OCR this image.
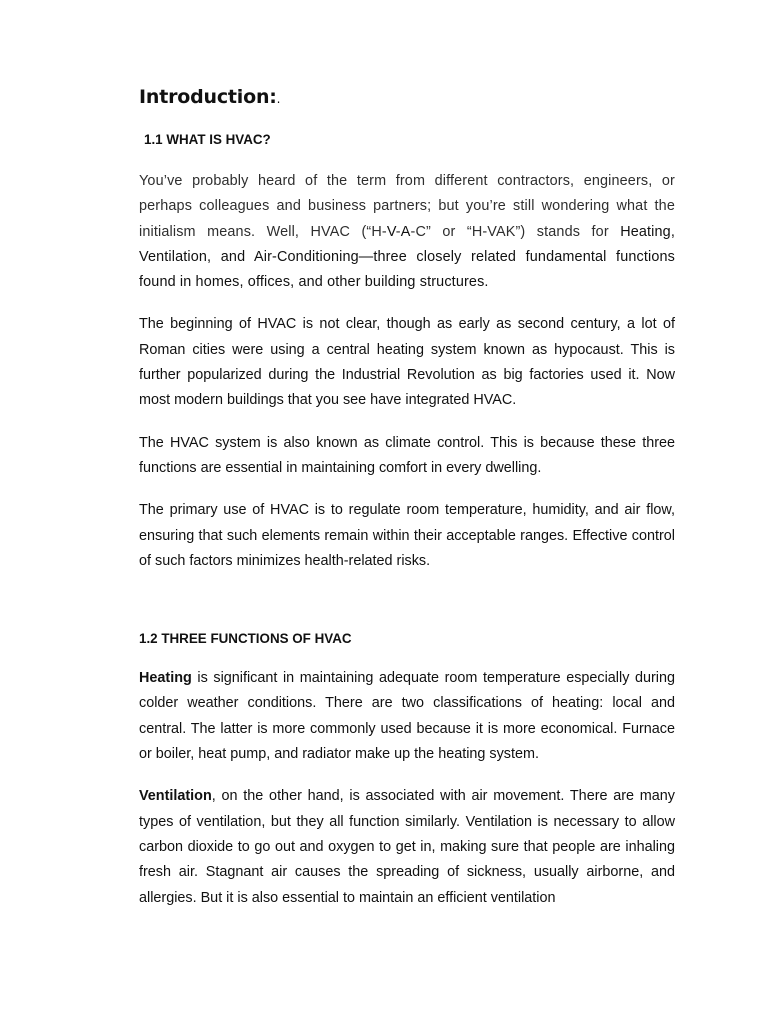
Introduction:.
1.1 WHAT IS HVAC?

You’ve probably heard of the term from different contractors, engineers, or perhaps colleagues and business partners; but you’re still wondering what the initialism means. Well, HVAC (“H-V-A-C” or “H-VAK”) stands for Heating, Ventilation, and Air-Conditioning—three closely related fundamental functions found in homes, offices, and other building structures.

The beginning of HVAC is not clear, though as early as second century, a lot of Roman cities were using a central heating system known as hypocaust. This is further popularized during the Industrial Revolution as big factories used it. Now most modern buildings that you see have integrated HVAC.

The HVAC system is also known as climate control. This is because these three functions are essential in maintaining comfort in every dwelling.

The primary use of HVAC is to regulate room temperature, humidity, and air flow, ensuring that such elements remain within their acceptable ranges. Effective control of such factors minimizes health-related risks.

1.2 THREE FUNCTIONS OF HVAC

Heating is significant in maintaining adequate room temperature especially during colder weather conditions. There are two classifications of heating: local and central. The latter is more commonly used because it is more economical. Furnace or boiler, heat pump, and radiator make up the heating system.

Ventilation, on the other hand, is associated with air movement. There are many types of ventilation, but they all function similarly. Ventilation is necessary to allow carbon dioxide to go out and oxygen to get in, making sure that people are inhaling fresh air. Stagnant air causes the spreading of sickness, usually airborne, and allergies. But it is also essential to maintain an efficient ventilation
